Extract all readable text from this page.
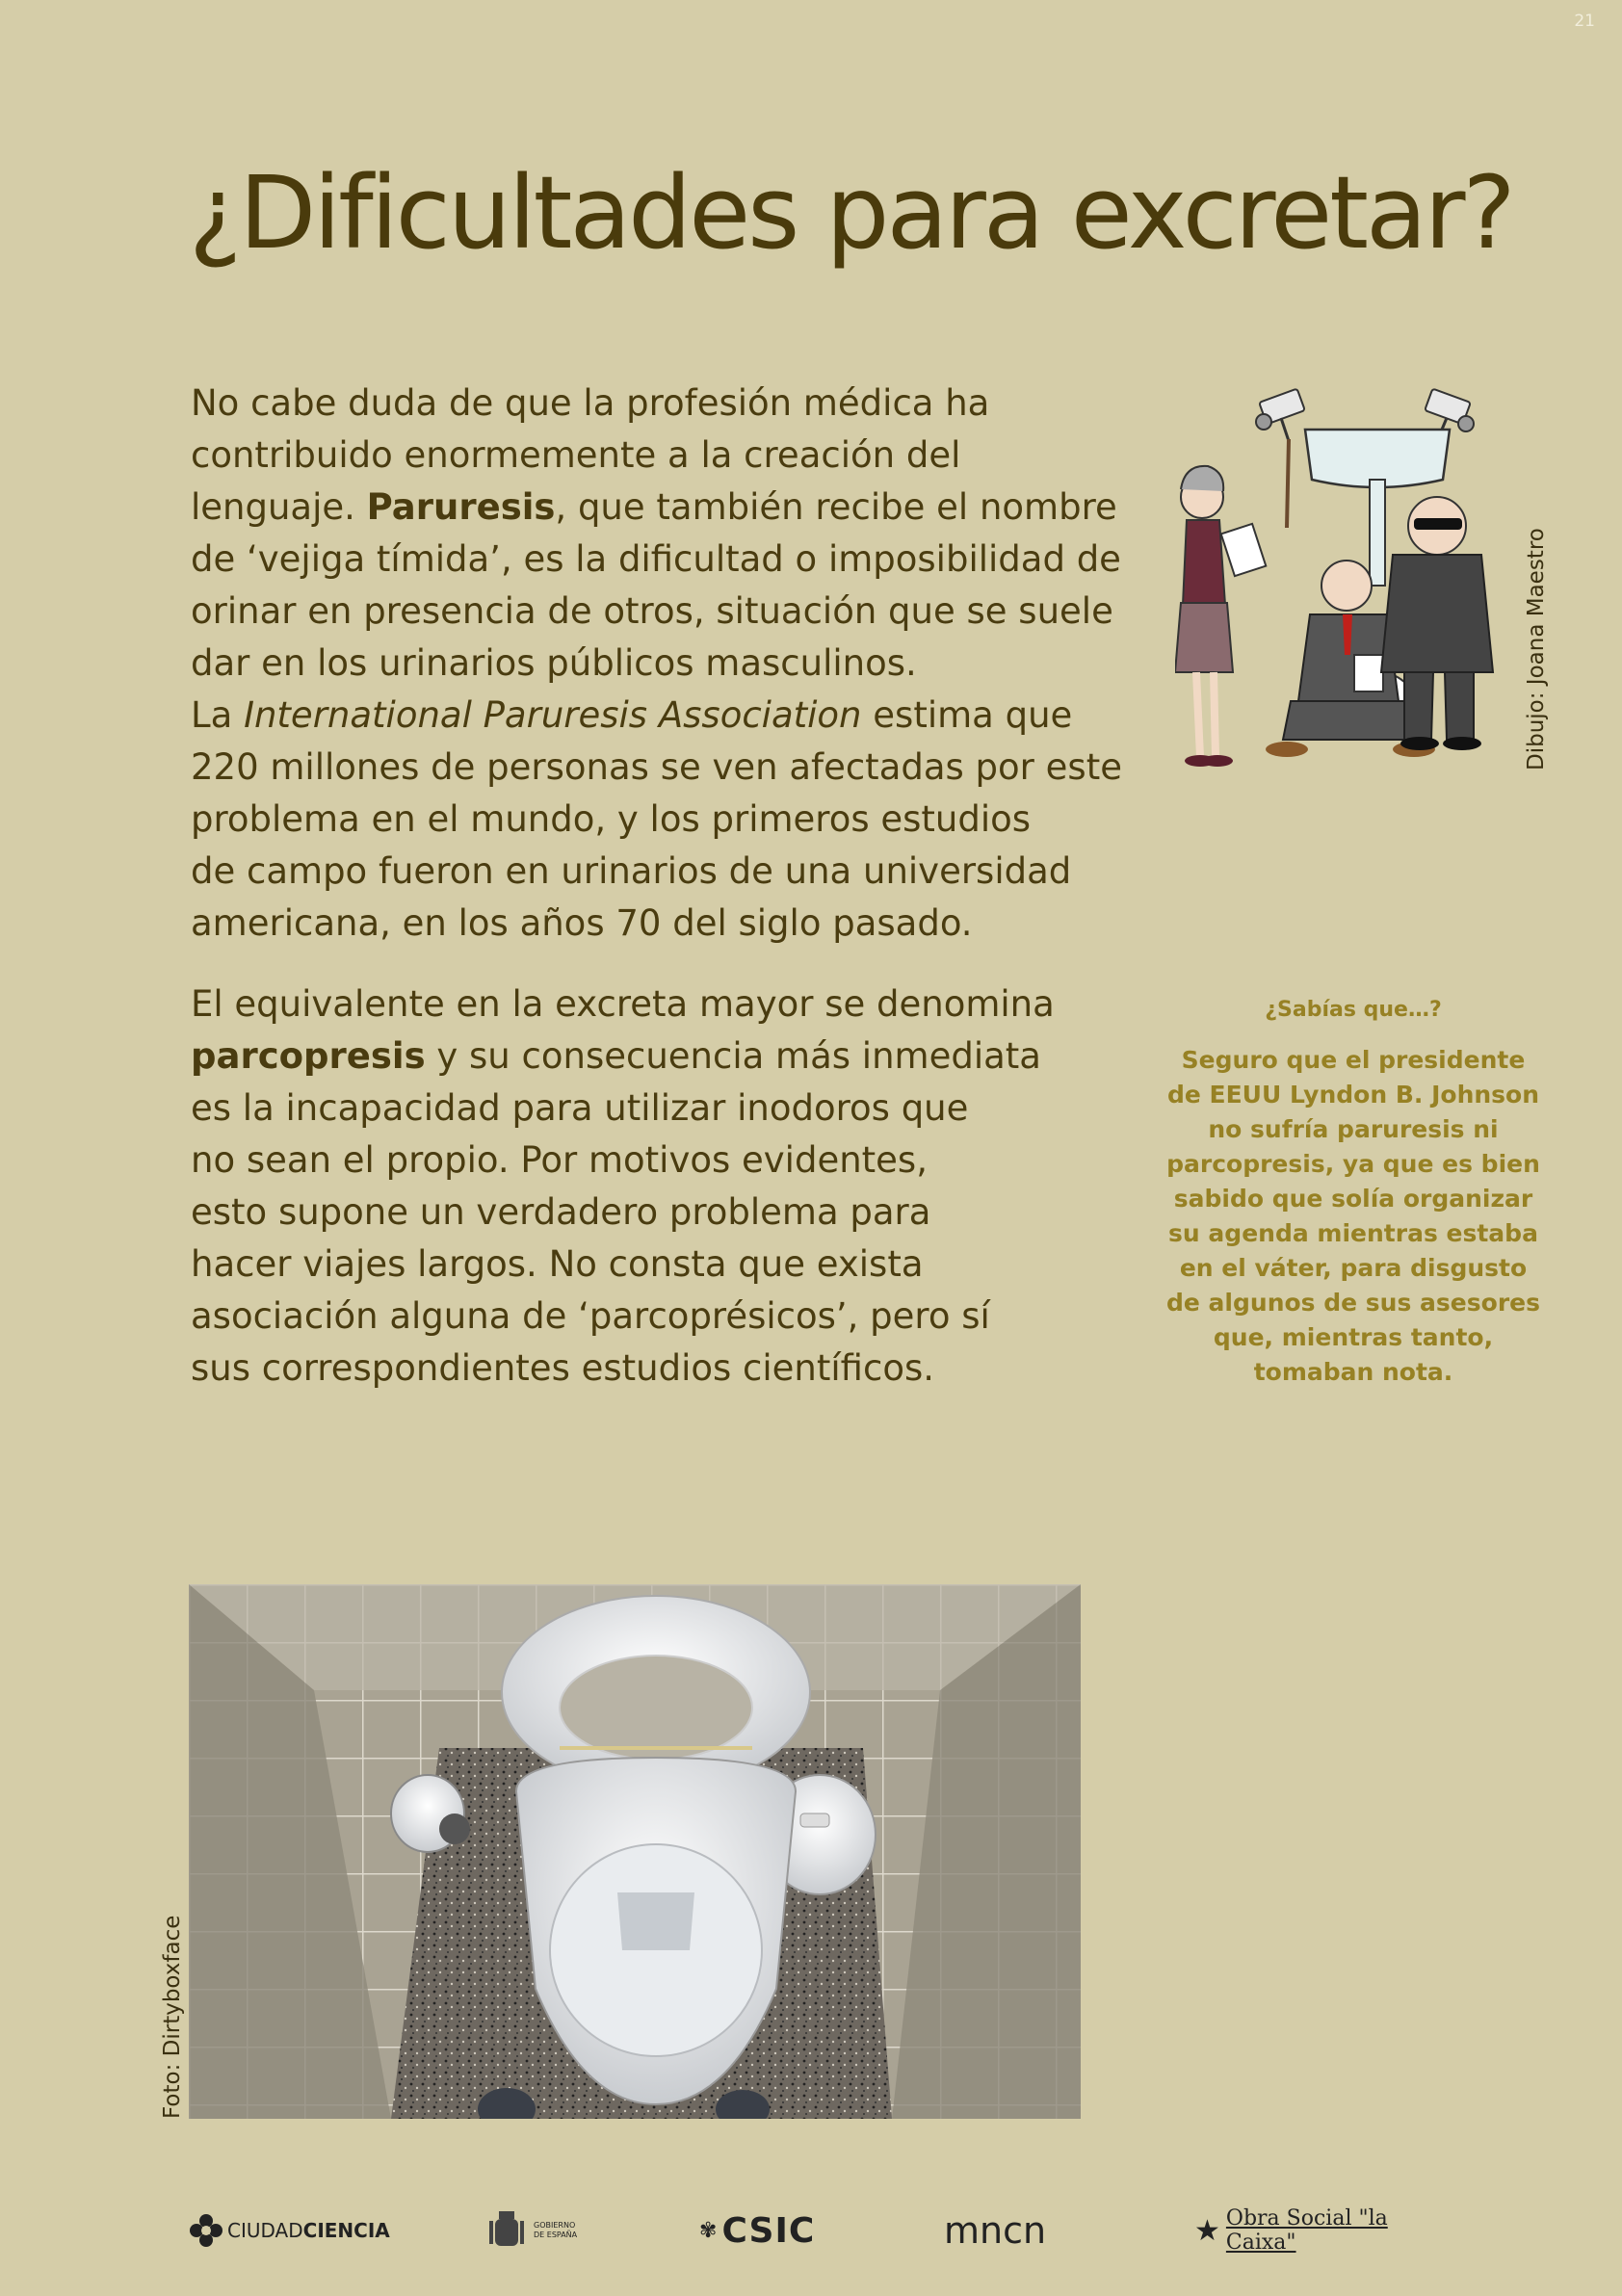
21
¿Dificultades para excretar?
No cabe duda de que la profesión médica ha
contribuido enormemente a la creación del
lenguaje. Paruresis, que también recibe el nombre
de ‘vejiga tímida’, es la dificultad o imposibilidad de
orinar en presencia de otros, situación que se suele
dar en los urinarios públicos masculinos.
La International Paruresis Association estima que
220 millones de personas se ven afectadas por este
problema en el mundo, y los primeros estudios
de campo fueron en urinarios de una universidad
americana, en los años 70 del siglo pasado.
El equivalente en la excreta mayor se denomina
parcopresis y su consecuencia más inmediata
es la incapacidad para utilizar inodoros que
no sean el propio. Por motivos evidentes,
esto supone un verdadero problema para
hacer viajes largos. No consta que exista
asociación alguna de ‘parcoprésicos’, pero sí
sus correspondientes estudios científicos.
Dibujo: Joana Maestro
¿Sabías que…?
Seguro que el presidente
de EEUU Lyndon B. Johnson
no sufría paruresis ni
parcopresis, ya que es bien
sabido que solía organizar
su agenda mientras estaba
en el váter, para disgusto
de algunos de sus asesores
que, mientras tanto,
tomaban nota.
Foto: Dirtyboxface
CIUDADCIENCIA	GOBIERNO
DE ESPAÑA	✾ CSIC	mncn	★ Obra Social "la Caixa"
